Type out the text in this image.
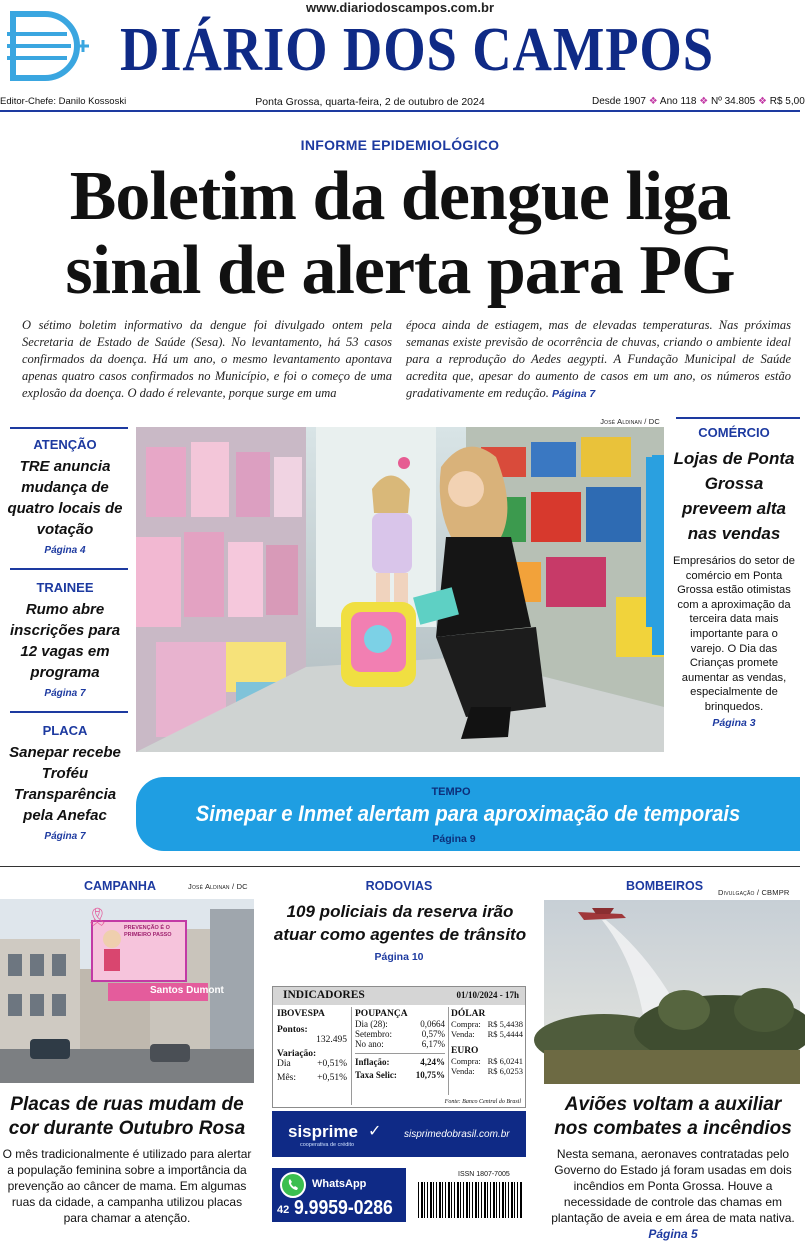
www.diariodoscampos.com.br
DIÁRIO DOS CAMPOS
Editor-Chefe: Danilo Kossoski	Ponta Grossa, quarta-feira, 2 de outubro de 2024	Desde 1907 ❖ Ano 118 ❖ Nº 34.805 ❖ R$ 5,00
INFORME EPIDEMIOLÓGICO
Boletim da dengue liga
sinal de alerta para PG
O sétimo boletim informativo da dengue foi divulgado ontem pela Secretaria de Estado de Saúde (Sesa). No levantamento, há 53 casos confirmados da doença. Há um ano, o mesmo levantamento apontava apenas quatro casos confirmados no Município, e foi o começo de uma explosão da doença. O dado é relevante, porque surge em uma
época ainda de estiagem, mas de elevadas temperaturas. Nas próximas semanas existe previsão de ocorrência de chuvas, criando o ambiente ideal para a reprodução do Aedes aegypti. A Fundação Municipal de Saúde acredita que, apesar do aumento de casos em um ano, os números estão gradativamente em redução. Página 7
ATENÇÃO
TRE anuncia mudança de quatro locais de votação
Página 4
TRAINEE
Rumo abre inscrições para 12 vagas em programa
Página 7
PLACA
Sanepar recebe Troféu Transparência pela Anefac
Página 7
José Aldinan / DC
COMÉRCIO
Lojas de Ponta Grossa preveem alta nas vendas
Empresários do setor de comércio em Ponta Grossa estão otimistas com a aproximação da terceira data mais importante para o varejo. O Dia das Crianças promete aumentar as vendas, especialmente de brinquedos.
Página 3
TEMPO
Simepar e Inmet alertam para aproximação de temporais
Página 9
CAMPANHA	José Aldinan / DC
Santos Dumont
PREVENÇÃO É O PRIMEIRO PASSO
🎗
Placas de ruas mudam de cor durante Outubro Rosa
O mês tradicionalmente é utilizado para alertar a população feminina sobre a importância da prevenção ao câncer de mama. Em algumas ruas da cidade, a campanha utilizou placas para chamar a atenção.
RODOVIAS
109 policiais da reserva irão atuar como agentes de trânsito
Página 10
INDICADORES	01/10/2024 - 17h
IBOVESPA
Pontos:
132.495
Variação:
Dia	+0,51%
Mês: +0,51%
POUPANÇA
Dia (28):	0,0664
Setembro:	0,57%
No ano:	6,17%
Inflação:	4,24%
Taxa Selic: 10,75%
DÓLAR
Compra: R$ 5,4438
Venda: R$ 5,4444
EURO
Compra: R$ 6,0241
Venda: R$ 6,0253
Fonte: Banco Central do Brasil
sisprime
cooperativa de crédito
✓ sisprimedobrasil.com.br
WhatsApp
42 9.9959-0286
ISSN 1807-7005
BOMBEIROS Divulgação / CBMPR
Aviões voltam a auxiliar nos combates a incêndios
Nesta semana, aeronaves contratadas pelo Governo do Estado já foram usadas em dois incêndios em Ponta Grossa. Houve a necessidade de controle das chamas em plantação de aveia e em área de mata nativa. Página 5
